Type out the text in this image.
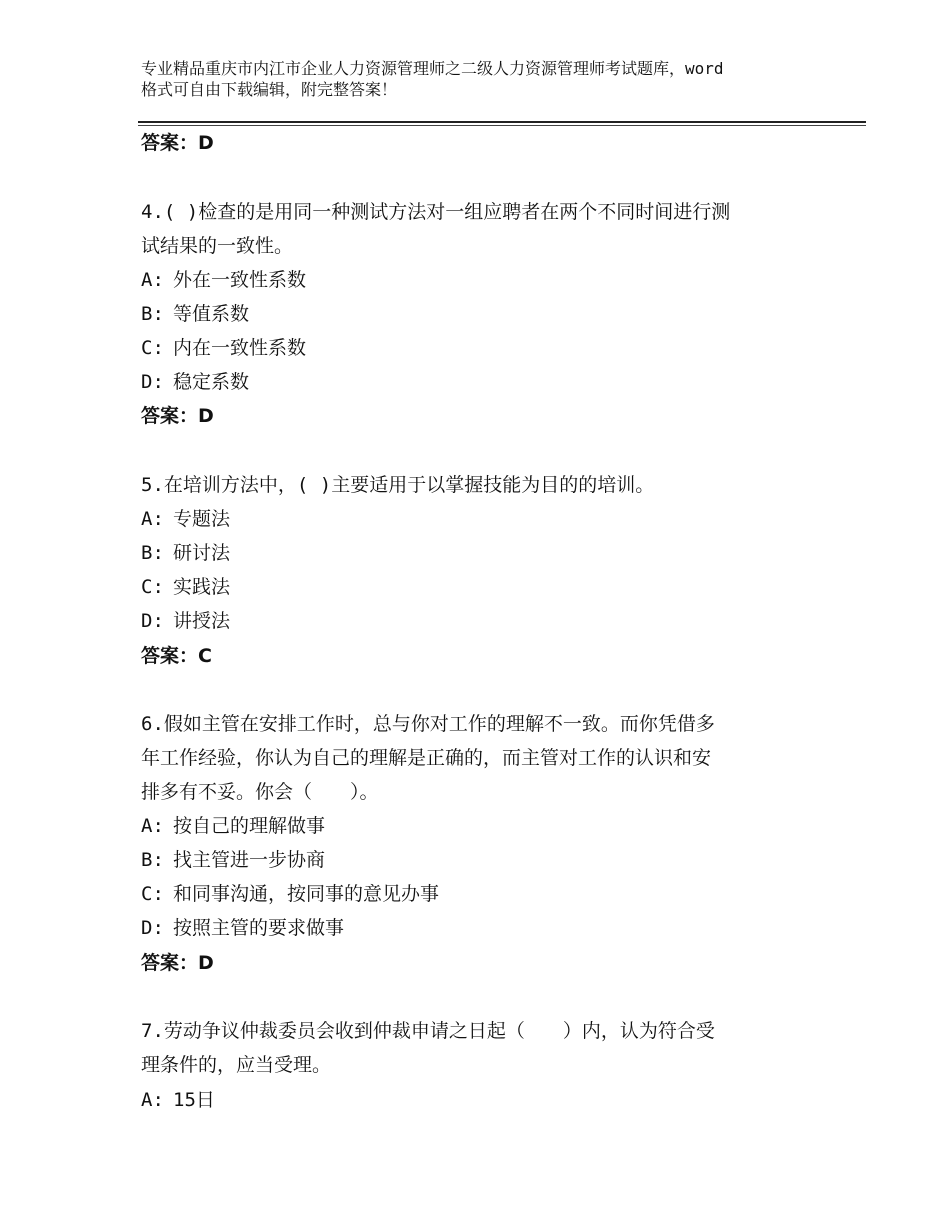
专业精品重庆市内江市企业人力资源管理师之二级人力资源管理师考试题库，word
格式可自由下载编辑，附完整答案！
答案：D
4.( )检查的是用同一种测试方法对一组应聘者在两个不同时间进行测
试结果的一致性。
A: 外在一致性系数
B: 等值系数
C: 内在一致性系数
D: 稳定系数
答案：D
5.在培训方法中，( )主要适用于以掌握技能为目的的培训。
A: 专题法
B: 研讨法
C: 实践法
D: 讲授法
答案：C
6.假如主管在安排工作时，总与你对工作的理解不一致。而你凭借多
年工作经验，你认为自己的理解是正确的，而主管对工作的认识和安
排多有不妥。你会（　　）。
A: 按自己的理解做事
B: 找主管进一步协商
C: 和同事沟通，按同事的意见办事
D: 按照主管的要求做事
答案：D
7.劳动争议仲裁委员会收到仲裁申请之日起（　　）内，认为符合受
理条件的，应当受理。
A: 15日
